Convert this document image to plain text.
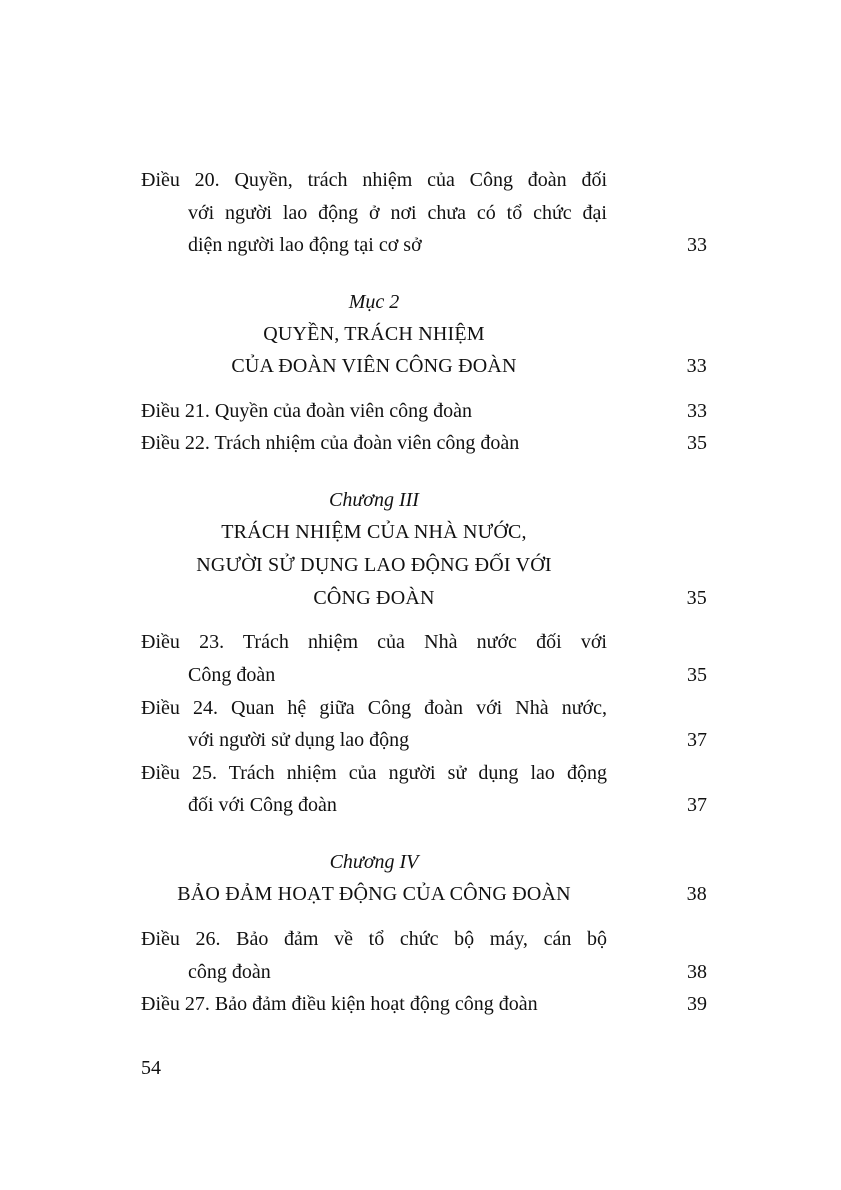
Điều 20. Quyền, trách nhiệm của Công đoàn đối
với người lao động ở nơi chưa có tổ chức đại
diện người lao động tại cơ sở	33
Mục 2
QUYỀN, TRÁCH NHIỆM
CỦA ĐOÀN VIÊN CÔNG ĐOÀN	33
Điều 21. Quyền của đoàn viên công đoàn	33
Điều 22. Trách nhiệm của đoàn viên công đoàn	35
Chương III
TRÁCH NHIỆM CỦA NHÀ NƯỚC,
NGƯỜI SỬ DỤNG LAO ĐỘNG ĐỐI VỚI
CÔNG ĐOÀN	35
Điều 23. Trách nhiệm của Nhà nước đối với
Công đoàn	35
Điều 24. Quan hệ giữa Công đoàn với Nhà nước,
với người sử dụng lao động	37
Điều 25. Trách nhiệm của người sử dụng lao động
đối với Công đoàn	37
Chương IV
BẢO ĐẢM HOẠT ĐỘNG CỦA CÔNG ĐOÀN	38
Điều 26. Bảo đảm về tổ chức bộ máy, cán bộ
công đoàn	38
Điều 27. Bảo đảm điều kiện hoạt động công đoàn	39
54
